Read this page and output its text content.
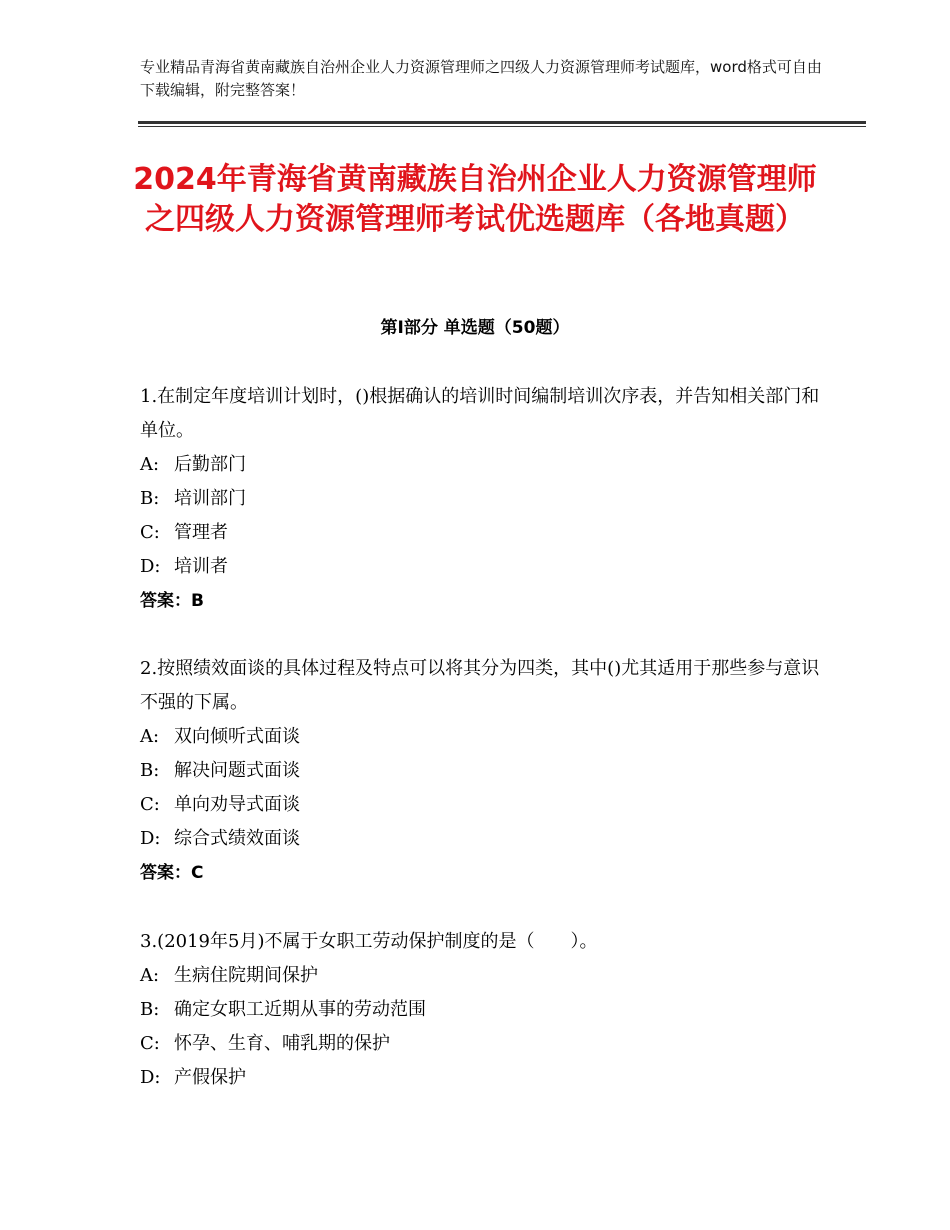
专业精品青海省黄南藏族自治州企业人力资源管理师之四级人力资源管理师考试题库，word格式可自由下载编辑，附完整答案！
2024年青海省黄南藏族自治州企业人力资源管理师之四级人力资源管理师考试优选题库（各地真题）
第Ⅰ部分 单选题（50题）
1.在制定年度培训计划时，()根据确认的培训时间编制培训次序表，并告知相关部门和单位。
A: 后勤部门
B: 培训部门
C: 管理者
D: 培训者
答案：B
2.按照绩效面谈的具体过程及特点可以将其分为四类，其中()尤其适用于那些参与意识不强的下属。
A: 双向倾听式面谈
B: 解决问题式面谈
C: 单向劝导式面谈
D: 综合式绩效面谈
答案：C
3.(2019年5月)不属于女职工劳动保护制度的是（　　）。
A: 生病住院期间保护
B: 确定女职工近期从事的劳动范围
C: 怀孕、生育、哺乳期的保护
D: 产假保护
